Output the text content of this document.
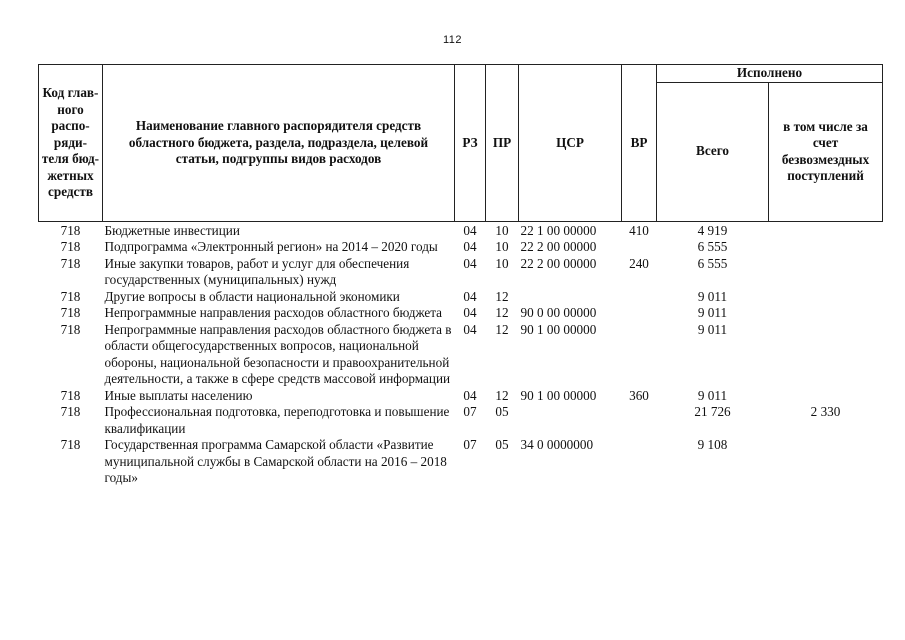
112
Код глав-ного распо-ряди-теля бюд-жетных средств	Наименование главного распорядителя средств областного бюджета, раздела, подраздела, целевой статьи, подгруппы видов расходов	РЗ	ПР	ЦСР	ВР	Исполнено	
						Всего	в том числе за счет безвозмездных поступлений
718	Бюджетные инвестиции	04	10	22 1 00 00000	410	4 919	
718	Подпрограмма «Электронный регион» на 2014 – 2020 годы	04	10	22 2 00 00000		6 555	
718	Иные закупки товаров, работ и услуг для обеспечения государственных (муниципальных) нужд	04	10	22 2 00 00000	240	6 555	
718	Другие вопросы в области национальной экономики	04	12			9 011	
718	Непрограммные направления расходов областного бюджета	04	12	90 0 00 00000		9 011	
718	Непрограммные направления расходов областного бюджета в области общегосударственных вопросов, национальной обороны, национальной безопасности и правоохранительной деятельности, а также в сфере средств массовой информации	04	12	90 1 00 00000		9 011	
718	Иные выплаты населению	04	12	90 1 00 00000	360	9 011	
718	Профессиональная подготовка, переподготовка и повышение квалификации	07	05			21 726	2 330
718	Государственная программа Самарской области «Развитие муниципальной службы в Самарской области на 2016 – 2018 годы»	07	05	34 0 0000000		9 108	
